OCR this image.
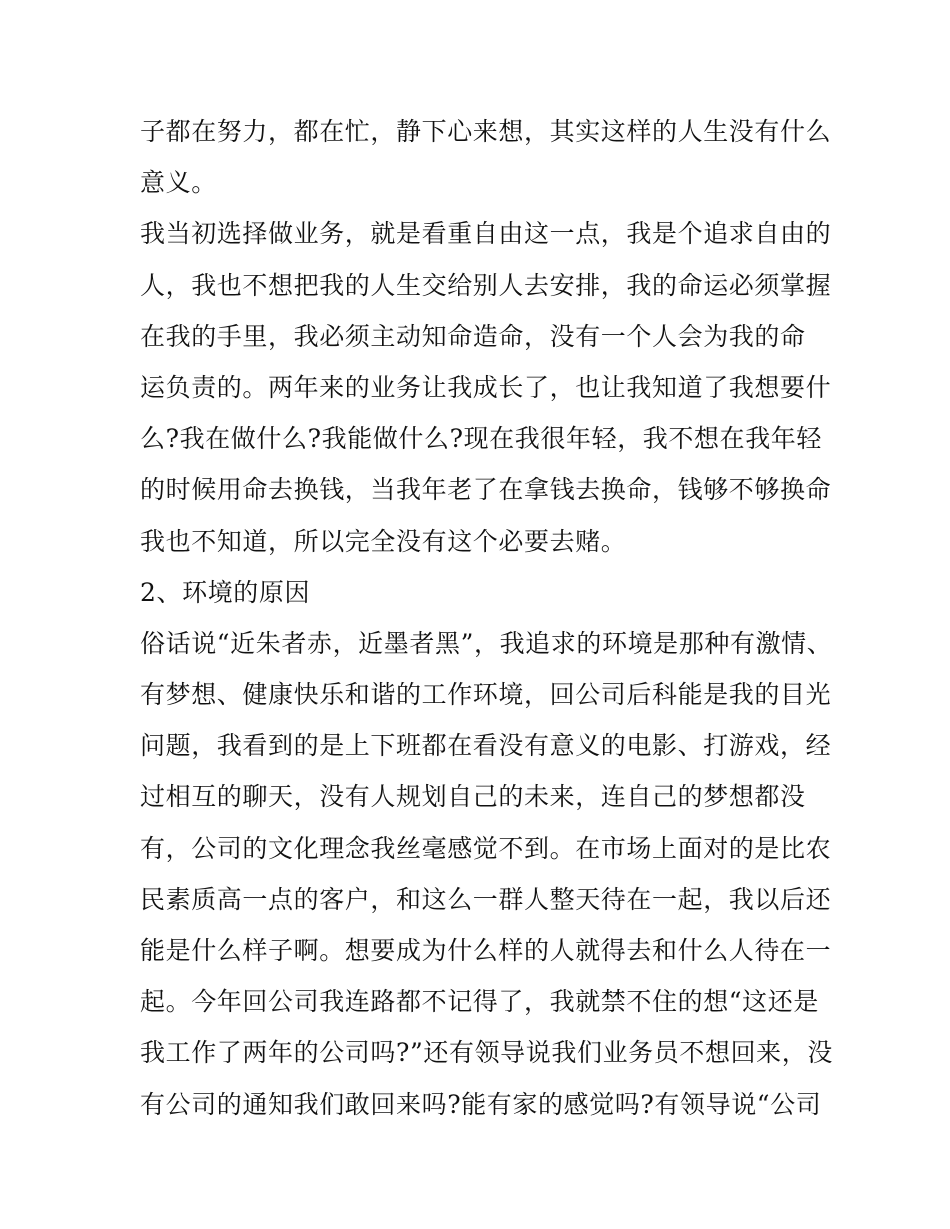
子都在努力，都在忙，静下心来想，其实这样的人生没有什么
意义。
我当初选择做业务，就是看重自由这一点，我是个追求自由的
人，我也不想把我的人生交给别人去安排，我的命运必须掌握
在我的手里，我必须主动知命造命，没有一个人会为我的命
运负责的。两年来的业务让我成长了，也让我知道了我想要什
么?我在做什么?我能做什么?现在我很年轻，我不想在我年轻
的时候用命去换钱，当我年老了在拿钱去换命，钱够不够换命
我也不知道，所以完全没有这个必要去赌。
2、环境的原因
俗话说“近朱者赤，近墨者黑”，我追求的环境是那种有激情、
有梦想、健康快乐和谐的工作环境，回公司后科能是我的目光
问题，我看到的是上下班都在看没有意义的电影、打游戏，经
过相互的聊天，没有人规划自己的未来，连自己的梦想都没
有，公司的文化理念我丝毫感觉不到。在市场上面对的是比农
民素质高一点的客户，和这么一群人整天待在一起，我以后还
能是什么样子啊。想要成为什么样的人就得去和什么人待在一
起。今年回公司我连路都不记得了，我就禁不住的想“这还是
我工作了两年的公司吗?”还有领导说我们业务员不想回来，没
有公司的通知我们敢回来吗?能有家的感觉吗?有领导说“公司
